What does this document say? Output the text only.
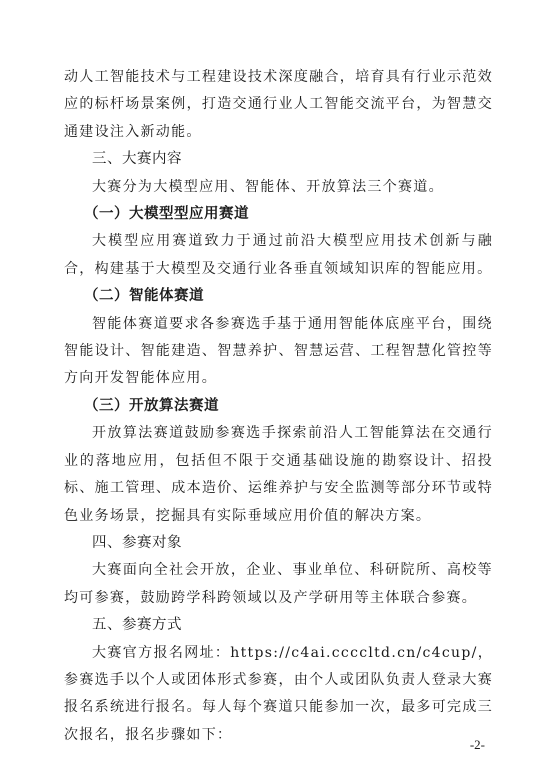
动人工智能技术与工程建设技术深度融合，培育具有行业示范效应的标杆场景案例，打造交通行业人工智能交流平台，为智慧交通建设注入新动能。

三、大赛内容

大赛分为大模型应用、智能体、开放算法三个赛道。

（一）大模型型应用赛道

大模型应用赛道致力于通过前沿大模型应用技术创新与融合，构建基于大模型及交通行业各垂直领域知识库的智能应用。

（二）智能体赛道

智能体赛道要求各参赛选手基于通用智能体底座平台，围绕智能设计、智能建造、智慧养护、智慧运营、工程智慧化管控等方向开发智能体应用。

（三）开放算法赛道

开放算法赛道鼓励参赛选手探索前沿人工智能算法在交通行业的落地应用，包括但不限于交通基础设施的勘察设计、招投标、施工管理、成本造价、运维养护与安全监测等部分环节或特色业务场景，挖掘具有实际垂域应用价值的解决方案。

四、参赛对象

大赛面向全社会开放，企业、事业单位、科研院所、高校等均可参赛，鼓励跨学科跨领域以及产学研用等主体联合参赛。

五、参赛方式

大赛官方报名网址：https://c4ai.ccccltd.cn/c4cup/，参赛选手以个人或团体形式参赛，由个人或团队负责人登录大赛报名系统进行报名。每人每个赛道只能参加一次，最多可完成三次报名，报名步骤如下：

-2-
